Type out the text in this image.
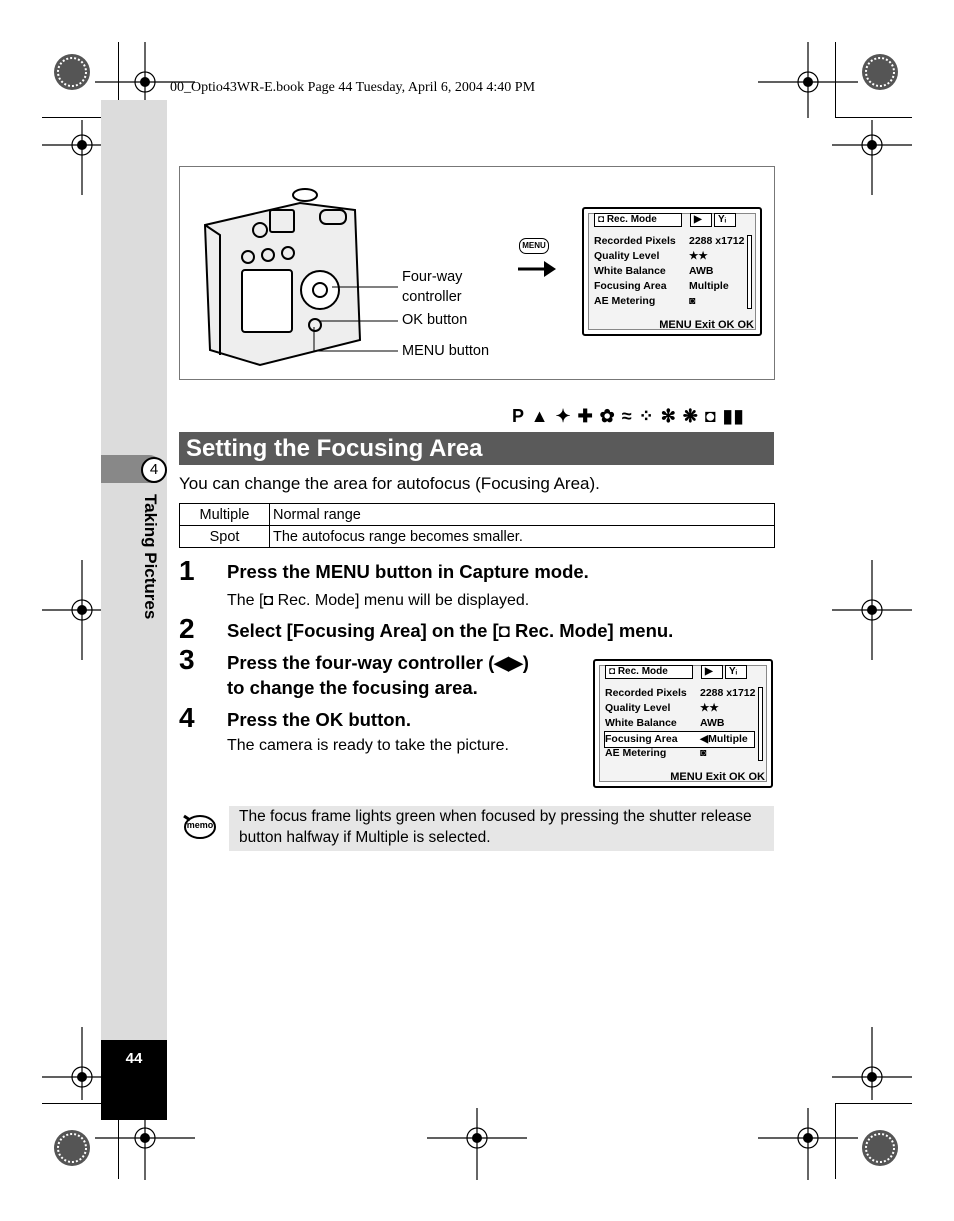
00_Optio43WR-E.book Page 44 Tuesday, April 6, 2004 4:40 PM
44
4
Taking Pictures
Four-way
controller
OK button
MENU button
MENU
◘ Rec. Mode	▶	Yᵢ
Recorded Pixels 2288 x1712
Quality Level	★★
White Balance AWB
Focusing Area Multiple
AE Metering	◙
MENU Exit OK OK
P ▲ ✦ ✚ ✿ ≈ ⁘ ✻ ❋ ◘ ▮▮
Setting the Focusing Area
You can change the area for autofocus (Focusing Area).
Multiple	Normal range
Spot	The autofocus range becomes smaller.
1 Press the MENU button in Capture mode.
The [◘ Rec. Mode] menu will be displayed.
2 Select [Focusing Area] on the [◘ Rec. Mode] menu.
3 Press the four-way controller (◀▶)
to change the focusing area.
4 Press the OK button.
The camera is ready to take the picture.
◘ Rec. Mode	▶	Yᵢ
Recorded Pixels 2288 x1712
Quality Level	★★
White Balance AWB
Focusing Area ◀Multiple
AE Metering	◙
MENU Exit OK OK
memo	The focus frame lights green when focused by pressing the shutter release button halfway if Multiple is selected.
